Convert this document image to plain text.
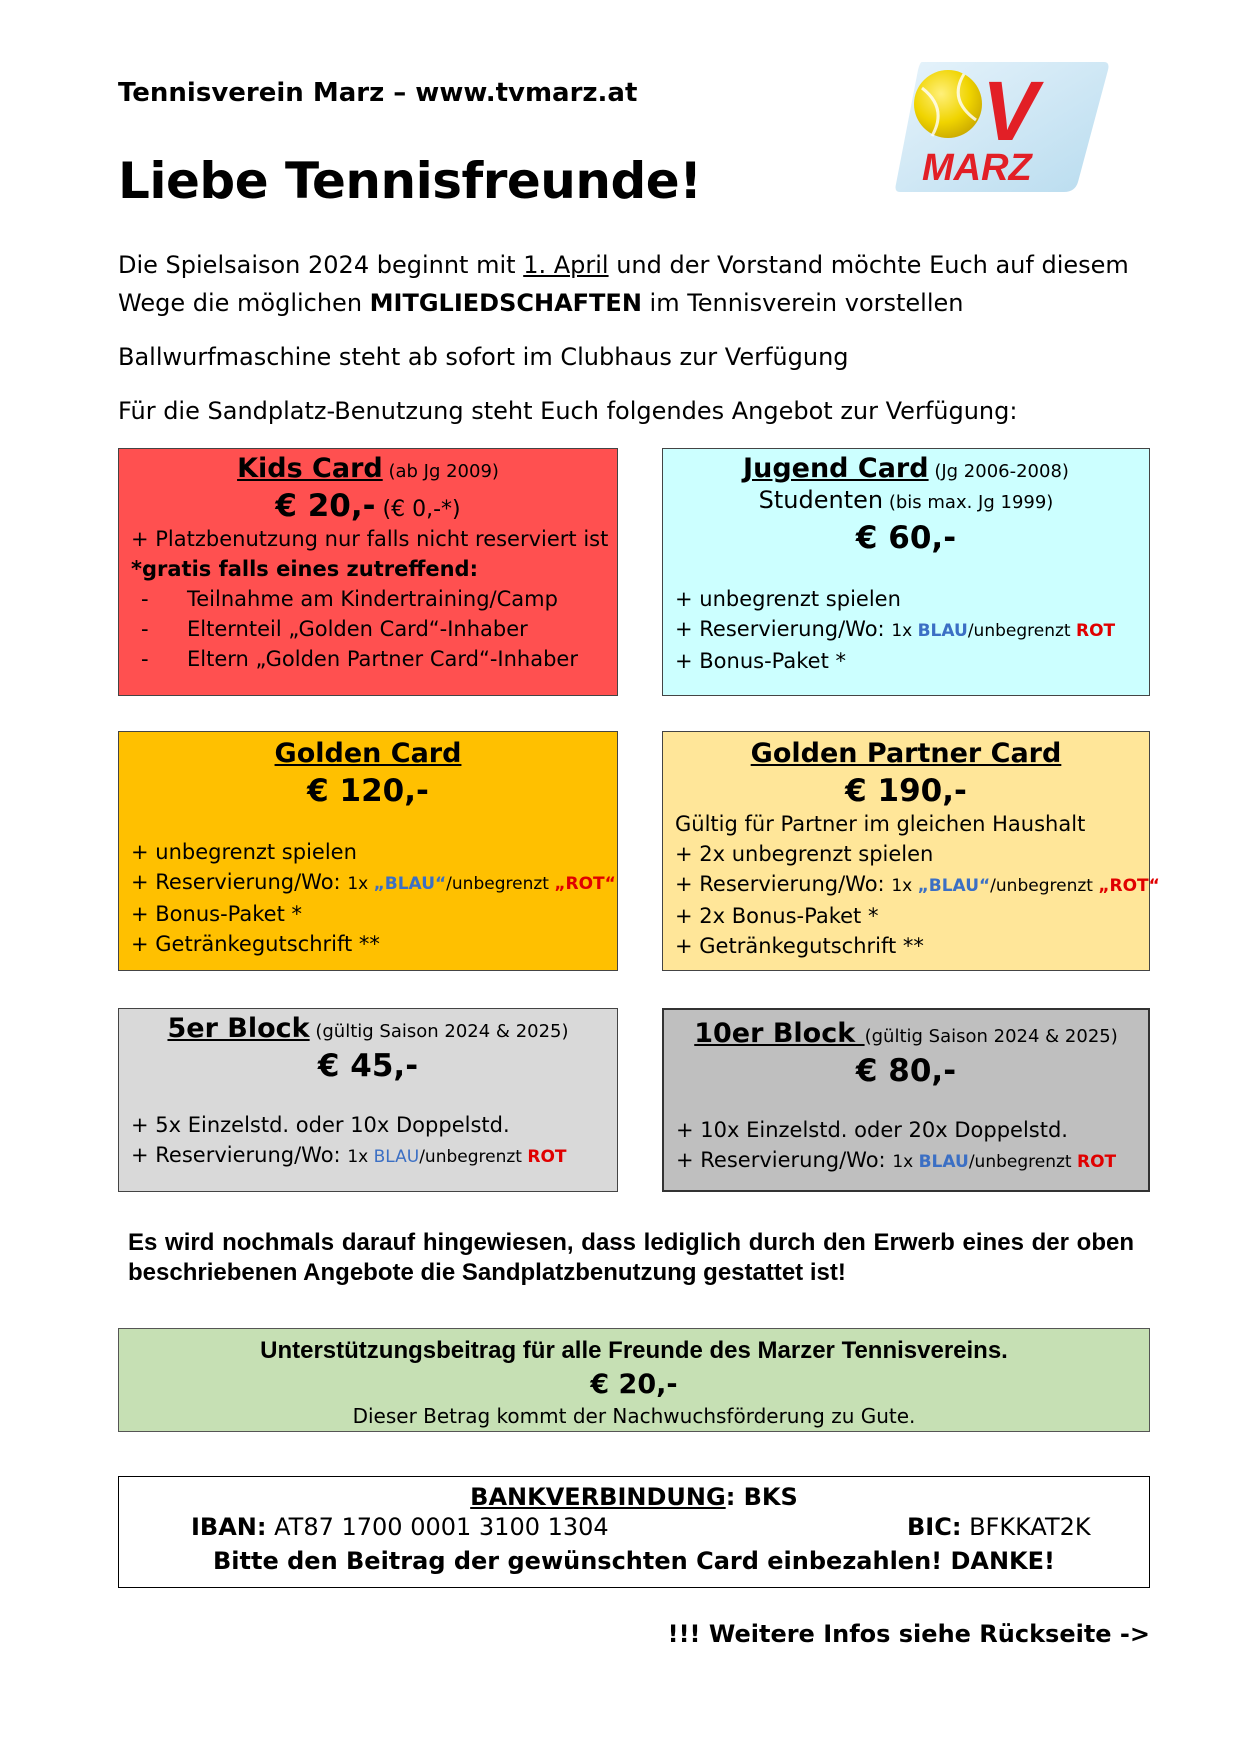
Tennisverein Marz – www.tvmarz.at	V
MARZ
Liebe Tennisfreunde!
Die Spielsaison 2024 beginnt mit 1. April und der Vorstand möchte Euch auf diesem
Wege die möglichen MITGLIEDSCHAFTEN im Tennisverein vorstellen
Ballwurfmaschine steht ab sofort im Clubhaus zur Verfügung
Für die Sandplatz-Benutzung steht Euch folgendes Angebot zur Verfügung:
Kids Card (ab Jg 2009)
€ 20,- (€ 0,-*)
+ Platzbenutzung nur falls nicht reserviert ist
*gratis falls eines zutreffend:
- Teilnahme am Kindertraining/Camp
- Elternteil „Golden Card“-Inhaber
- Eltern „Golden Partner Card“-Inhaber
Jugend Card (Jg 2006-2008)
Studenten (bis max. Jg 1999)
€ 60,-
+ unbegrenzt spielen
+ Reservierung/Wo: 1x BLAU/unbegrenzt ROT
+ Bonus-Paket *
Golden Card
€ 120,-
+ unbegrenzt spielen
+ Reservierung/Wo: 1x „BLAU“/unbegrenzt „ROT“
+ Bonus-Paket *
+ Getränkegutschrift **
Golden Partner Card
€ 190,-
Gültig für Partner im gleichen Haushalt
+ 2x unbegrenzt spielen
+ Reservierung/Wo: 1x „BLAU“/unbegrenzt „ROT“
+ 2x Bonus-Paket *
+ Getränkegutschrift **
5er Block (gültig Saison 2024 & 2025)
€ 45,-
+ 5x Einzelstd. oder 10x Doppelstd.
+ Reservierung/Wo: 1x BLAU/unbegrenzt ROT
10er Block (gültig Saison 2024 & 2025)
€ 80,-
+ 10x Einzelstd. oder 20x Doppelstd.
+ Reservierung/Wo: 1x BLAU/unbegrenzt ROT
Es wird nochmals darauf hingewiesen, dass lediglich durch den Erwerb eines der oben beschriebenen Angebote die Sandplatzbenutzung gestattet ist!
Unterstützungsbeitrag für alle Freunde des Marzer Tennisvereins.
€ 20,-
Dieser Betrag kommt der Nachwuchsförderung zu Gute.
BANKVERBINDUNG: BKS
IBAN: AT87 1700 0001 3100 1304	BIC: BFKKAT2K
Bitte den Beitrag der gewünschten Card einbezahlen! DANKE!
!!! Weitere Infos siehe Rückseite ->
